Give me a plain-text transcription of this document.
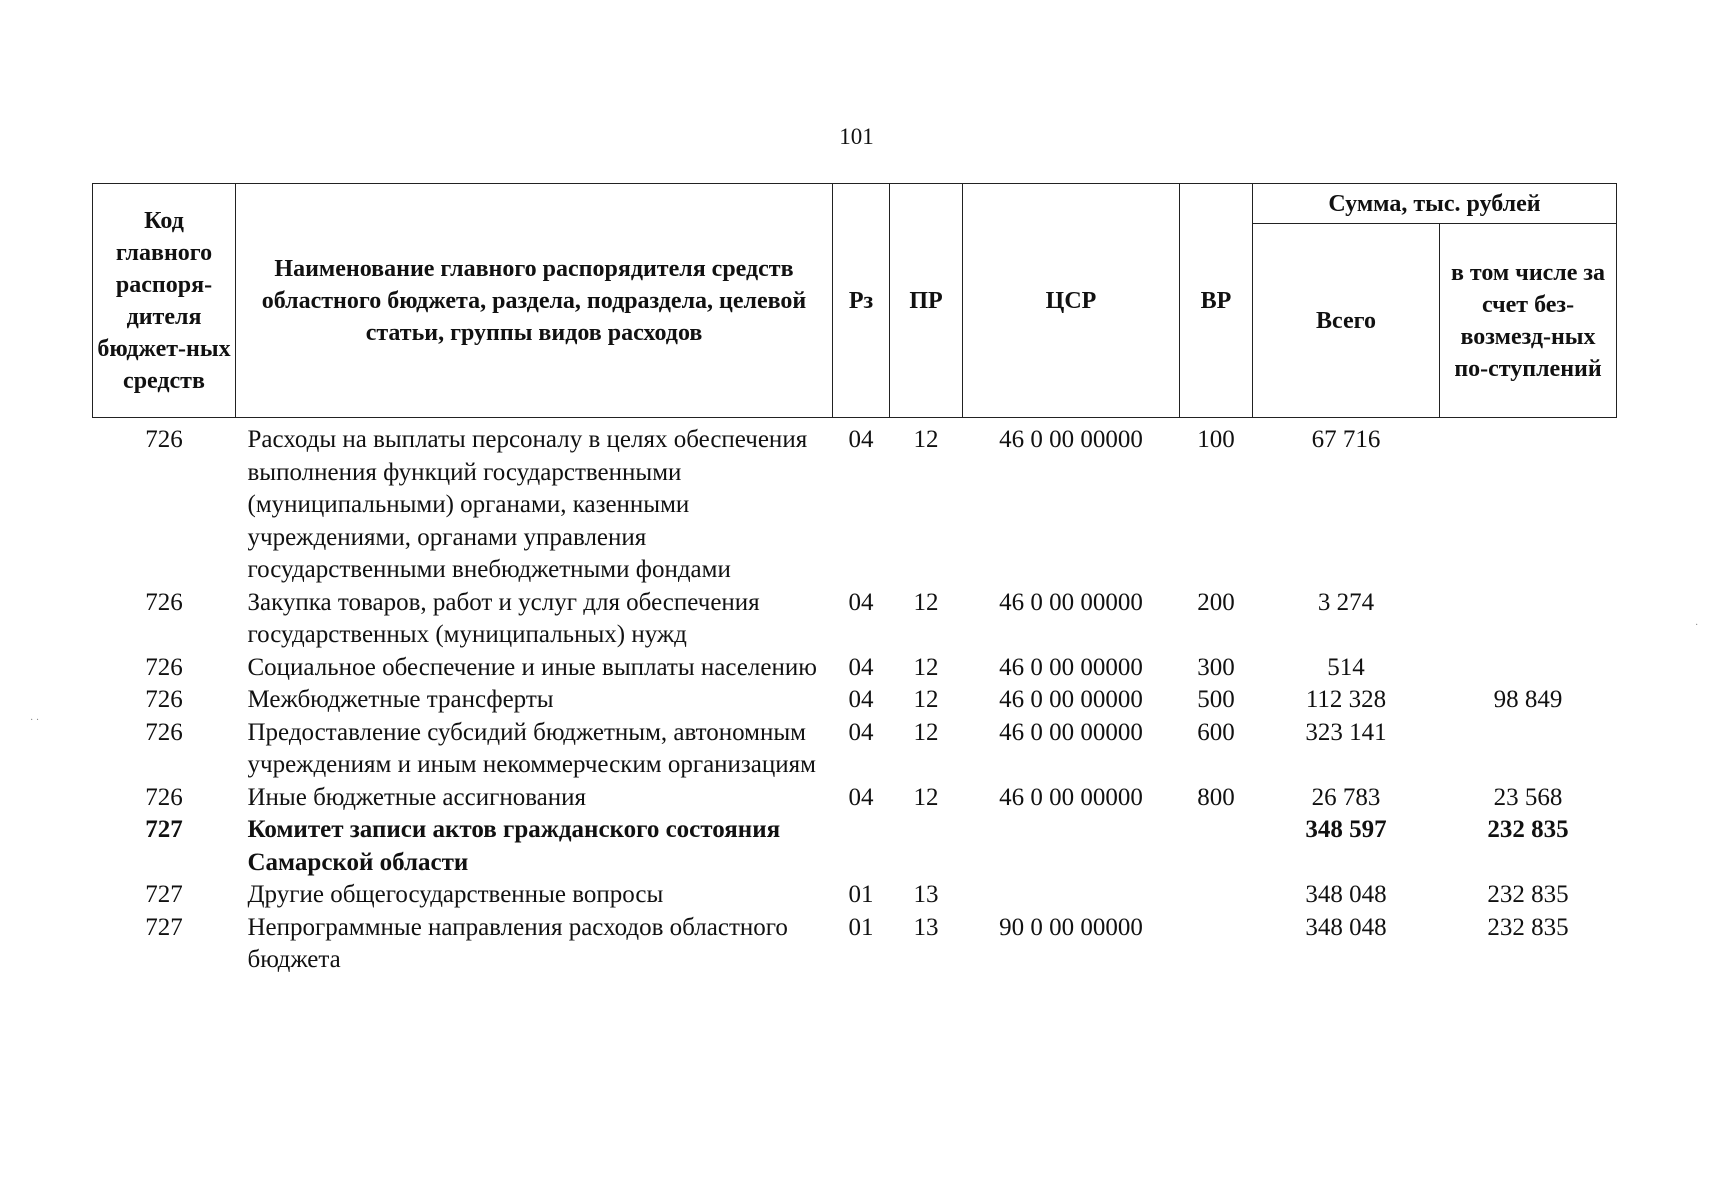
101
Код главного распоря-дителя бюджет-ных средств	Наименование главного распорядителя средств областного бюджета, раздела, подраздела, целевой статьи, группы видов расходов	Рз	ПР	ЦСР	ВР	Сумма, тыс. рублей	
						Всего	в том числе за счет без-возмезд-ных по-ступлений
726	Расходы на выплаты персоналу в целях обеспечения выполнения функций государственными (муниципальными) органами, казенными учреждениями, органами управления государственными внебюджетными фондами	04	12	46 0 00 00000	100	67 716	
726	Закупка товаров, работ и услуг для обеспечения государственных (муниципальных) нужд	04	12	46 0 00 00000	200	3 274	
726	Социальное обеспечение и иные выплаты населению	04	12	46 0 00 00000	300	514	
726	Межбюджетные трансферты	04	12	46 0 00 00000	500	112 328	98 849
726	Предоставление субсидий бюджетным, автономным учреждениям и иным некоммерческим организациям	04	12	46 0 00 00000	600	323 141	
726	Иные бюджетные ассигнования	04	12	46 0 00 00000	800	26 783	23 568
727	Комитет записи актов гражданского состояния Самарской области					348 597	232 835
727	Другие общегосударственные вопросы	01	13			348 048	232 835
727	Непрограммные направления расходов областного бюджета	01	13	90 0 00 00000		348 048	232 835
· ·
·
